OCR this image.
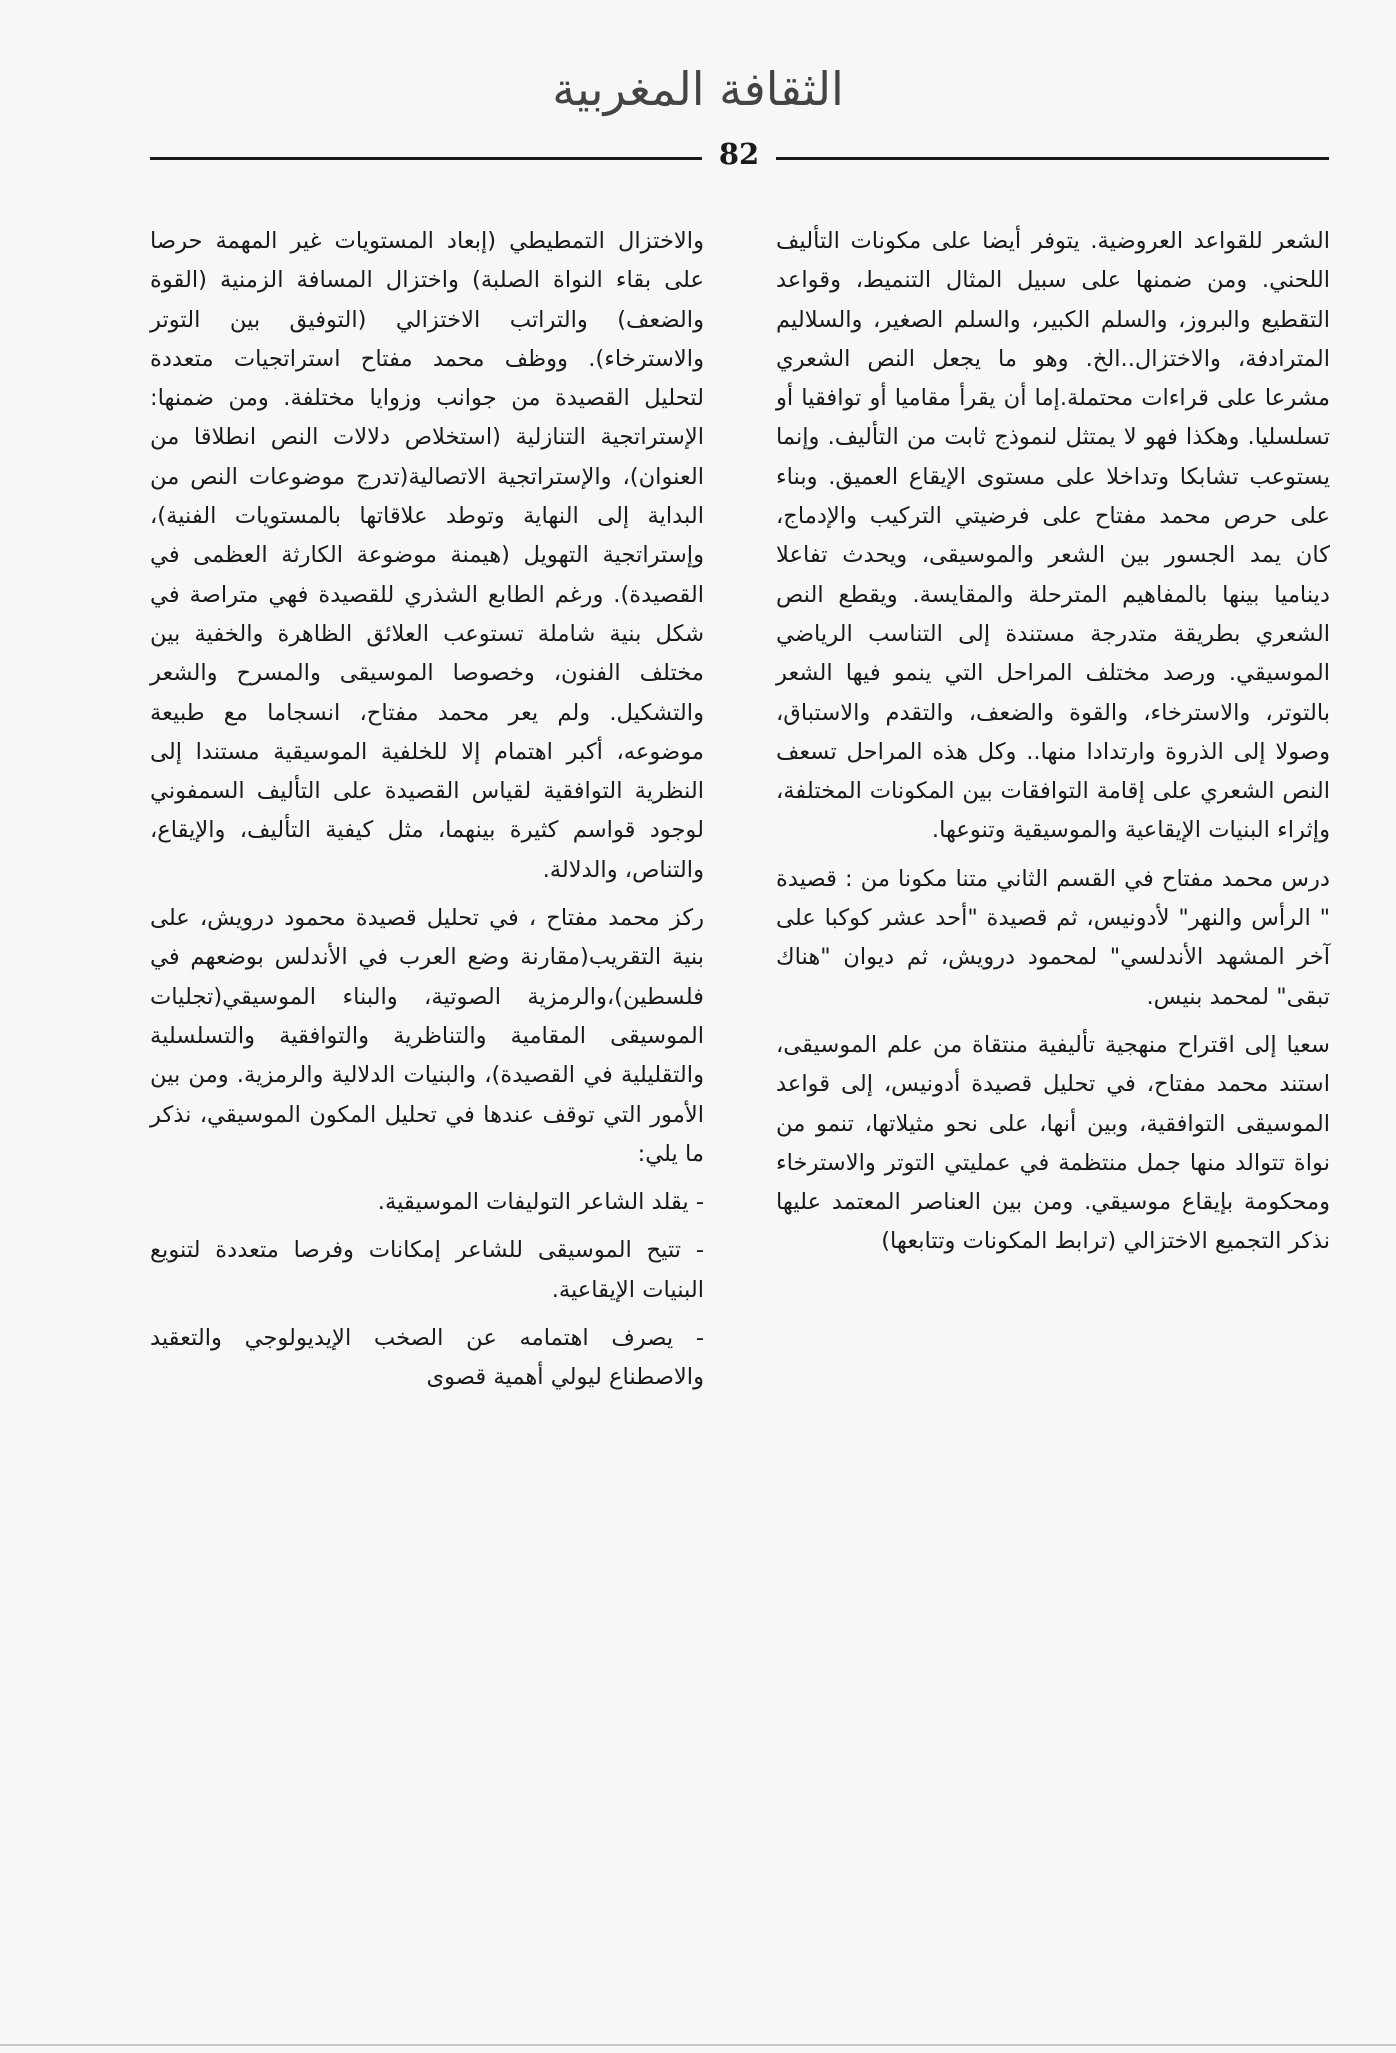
الثقافة المغربية
82

الشعر للقواعد العروضية. يتوفر أيضا على مكونات التأليف اللحني. ومن ضمنها على سبيل المثال التنميط، وقواعد التقطيع والبروز، والسلم الكبير، والسلم الصغير، والسلاليم المترادفة، والاختزال..الخ. وهو ما يجعل النص الشعري مشرعا على قراءات محتملة.إما أن يقرأ مقاميا أو توافقيا أو تسلسليا. وهكذا فهو لا يمتثل لنموذج ثابت من التأليف. وإنما يستوعب تشابكا وتداخلا على مستوى الإيقاع العميق. وبناء على حرص محمد مفتاح على فرضيتي التركيب والإدماج، كان يمد الجسور بين الشعر والموسيقى، ويحدث تفاعلا ديناميا بينها بالمفاهيم المترحلة والمقايسة. ويقطع النص الشعري بطريقة متدرجة مستندة إلى التناسب الرياضي الموسيقي. ورصد مختلف المراحل التي ينمو فيها الشعر بالتوتر، والاسترخاء، والقوة والضعف، والتقدم والاستباق، وصولا إلى الذروة وارتدادا منها.. وكل هذه المراحل تسعف النص الشعري على إقامة التوافقات بين المكونات المختلفة، وإثراء البنيات الإيقاعية والموسيقية وتنوعها.

درس محمد مفتاح في القسم الثاني متنا مكونا من : قصيدة " الرأس والنهر" لأدونيس، ثم قصيدة "أحد عشر كوكبا على آخر المشهد الأندلسي" لمحمود درويش، ثم ديوان "هناك تبقى" لمحمد بنيس.

سعيا إلى اقتراح منهجية تأليفية منتقاة من علم الموسيقى، استند محمد مفتاح، في تحليل قصيدة أدونيس، إلى قواعد الموسيقى التوافقية، وبين أنها، على نحو مثيلاتها، تنمو من نواة تتوالد منها جمل منتظمة في عمليتي التوتر والاسترخاء ومحكومة بإيقاع موسيقي. ومن بين العناصر المعتمد عليها نذكر التجميع الاختزالي (ترابط المكونات وتتابعها)

والاختزال التمطيطي (إبعاد المستويات غير المهمة حرصا على بقاء النواة الصلبة) واختزال المسافة الزمنية (القوة والضعف) والتراتب الاختزالي (التوفيق بين التوتر والاسترخاء). ووظف محمد مفتاح استراتجيات متعددة لتحليل القصيدة من جوانب وزوايا مختلفة. ومن ضمنها: الإستراتجية التنازلية (استخلاص دلالات النص انطلاقا من العنوان)، والإستراتجية الاتصالية(تدرج موضوعات النص من البداية إلى النهاية وتوطد علاقاتها بالمستويات الفنية)، وإستراتجية التهويل (هيمنة موضوعة الكارثة العظمى في القصيدة). ورغم الطابع الشذري للقصيدة فهي متراصة في شكل بنية شاملة تستوعب العلائق الظاهرة والخفية بين مختلف الفنون، وخصوصا الموسيقى والمسرح والشعر والتشكيل. ولم يعر محمد مفتاح، انسجاما مع طبيعة موضوعه، أكبر اهتمام إلا للخلفية الموسيقية مستندا إلى النظرية التوافقية لقياس القصيدة على التأليف السمفوني لوجود قواسم كثيرة بينهما، مثل كيفية التأليف، والإيقاع، والتناص، والدلالة.

ركز محمد مفتاح ، في تحليل قصيدة محمود درويش، على بنية التقريب(مقارنة وضع العرب في الأندلس بوضعهم في فلسطين)،والرمزية الصوتية، والبناء الموسيقي(تجليات الموسيقى المقامية والتناظرية والتوافقية والتسلسلية والتقليلية في القصيدة)، والبنيات الدلالية والرمزية. ومن بين الأمور التي توقف عندها في تحليل المكون الموسيقي، نذكر ما يلي:

- يقلد الشاعر التوليفات الموسيقية.

- تتيح الموسيقى للشاعر إمكانات وفرصا متعددة لتنويع البنيات الإيقاعية.

- يصرف اهتمامه عن الصخب الإيديولوجي والتعقيد والاصطناع ليولي أهمية قصوى
